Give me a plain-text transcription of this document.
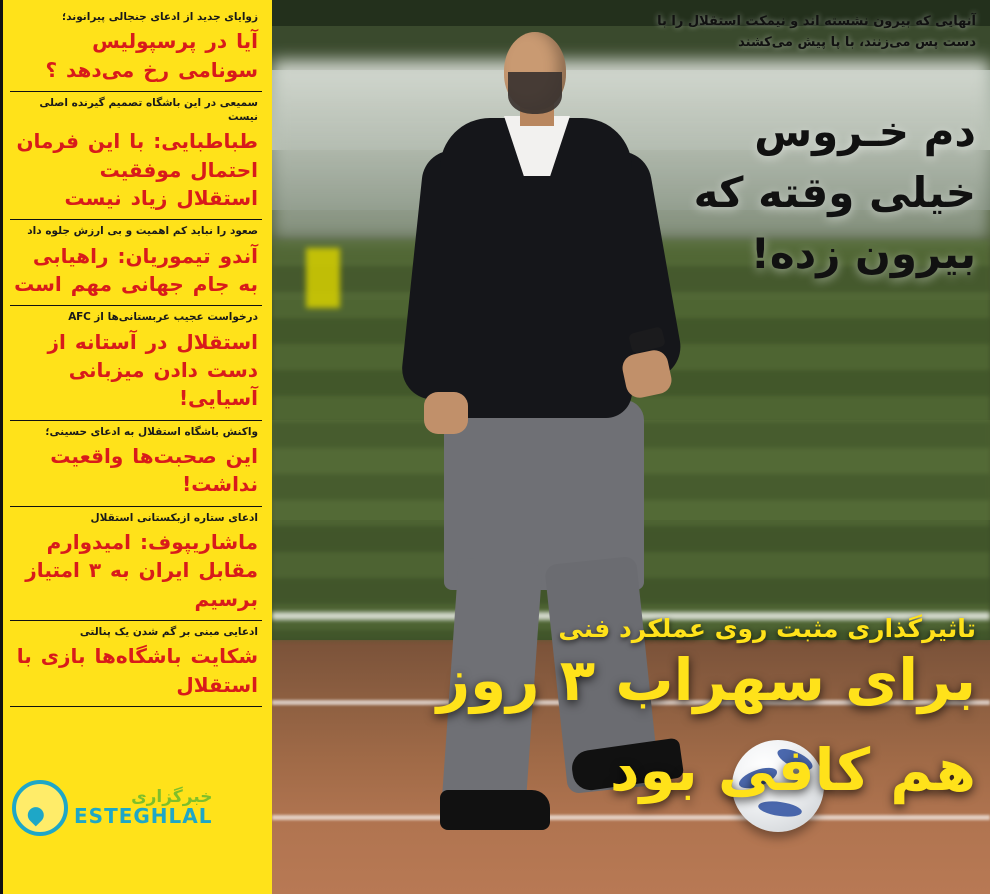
زوایای جدید از ادعای جنجالی پیرانوند؛
آیا در پرسپولیس سونامی رخ می‌دهد ؟
سمیعی در این باشگاه تصمیم گیرنده اصلی نیست
طباطبایی: با این فرمان احتمال موفقیت استقلال زیاد نیست
صعود را نباید کم اهمیت و بی ارزش جلوه داد
آندو تیموریان: راهیابی به جام جهانی مهم است
درخواست عجیب عربستانی‌ها از AFC
استقلال در آستانه از دست دادن میزبانی آسیایی!
واکنش باشگاه استقلال به ادعای حسینی؛
این صحبت‌ها واقعیت نداشت!
ادعای ستاره ازبکستانی استقلال
ماشاریپوف: امیدوارم مقابل ایران به ۳ امتیاز برسیم
ادعایی مبنی بر گم شدن یک پنالتی
شکایت باشگاه‌ها بازی با استقلال
خبرگزاری
ESTEGHLAL
آنهایی که بیرون نشسته اند و نیمکت استقلال را با دست پس می‌زنند، با پا پیش می‌کشند
دم خـروس خیلی وقته که بیرون زده!
تاثیرگذاری مثبت روی عملکرد فنی
برای سهراب ۳ روز هم کافی بود
